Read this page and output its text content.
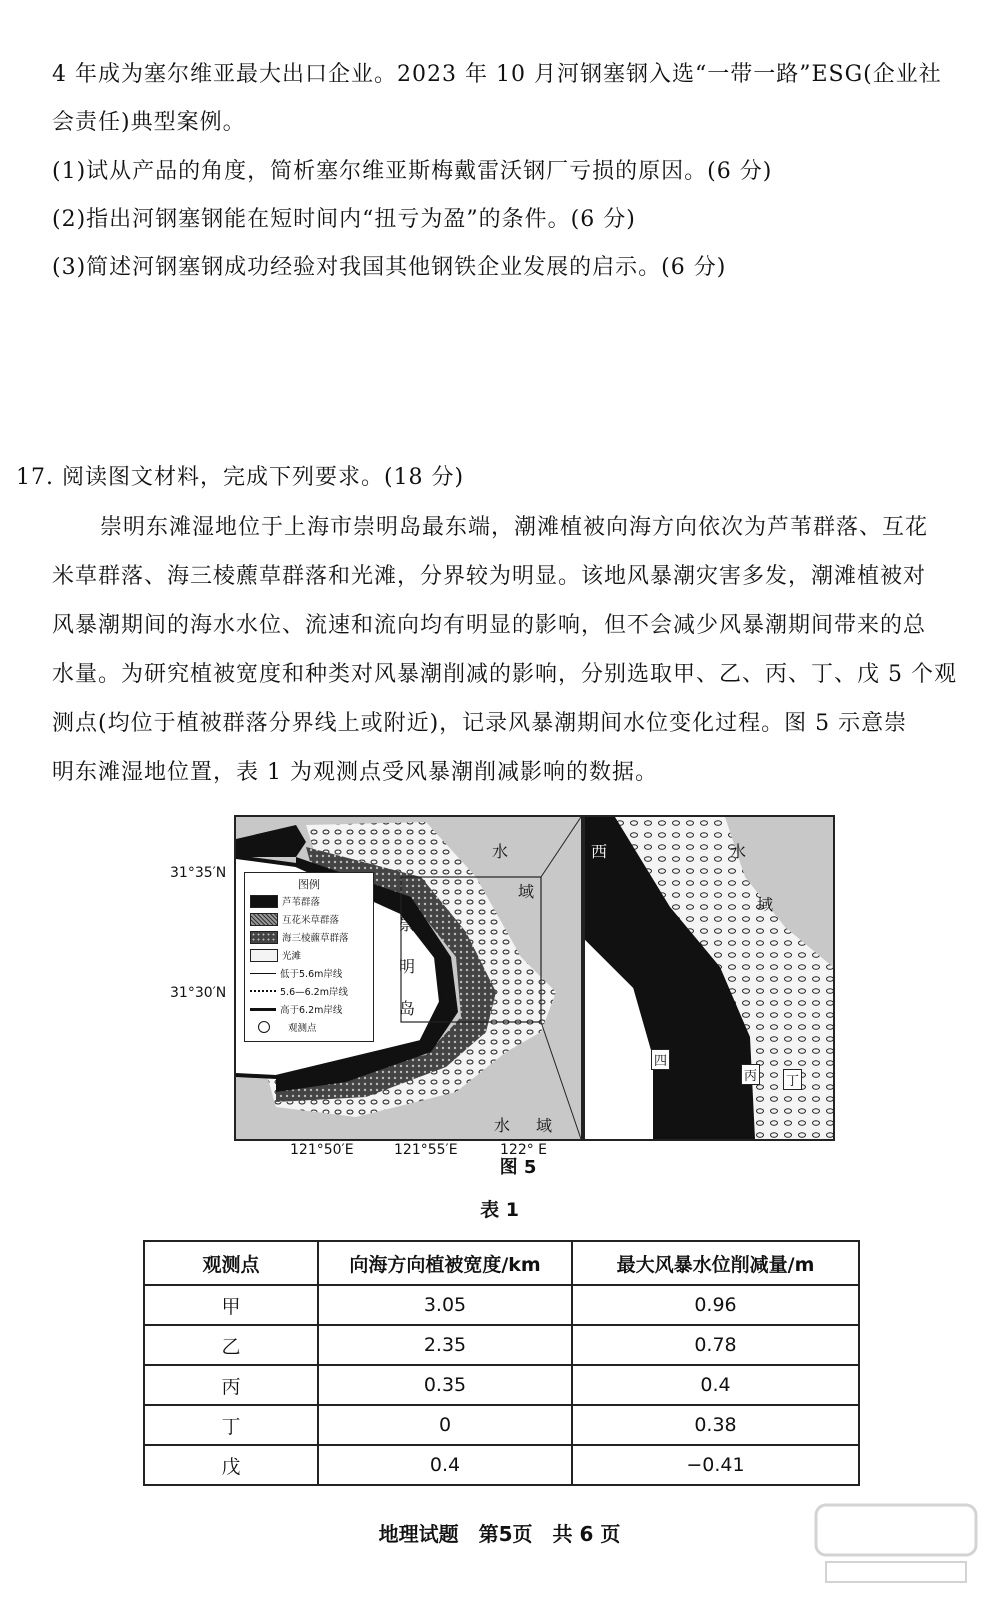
4 年成为塞尔维亚最大出口企业。2023 年 10 月河钢塞钢入选“一带一路”ESG(企业社
会责任)典型案例。
(1)试从产品的角度，简析塞尔维亚斯梅戴雷沃钢厂亏损的原因。(6 分)
(2)指出河钢塞钢能在短时间内“扭亏为盈”的条件。(6 分)
(3)简述河钢塞钢成功经验对我国其他钢铁企业发展的启示。(6 分)
17. 阅读图文材料，完成下列要求。(18 分)
崇明东滩湿地位于上海市崇明岛最东端，潮滩植被向海方向依次为芦苇群落、互花
米草群落、海三棱藨草群落和光滩，分界较为明显。该地风暴潮灾害多发，潮滩植被对
风暴潮期间的海水水位、流速和流向均有明显的影响，但不会减少风暴潮期间带来的总
水量。为研究植被宽度和种类对风暴潮削减的影响，分别选取甲、乙、丙、丁、戊 5 个观
测点(均位于植被群落分界线上或附近)，记录风暴潮期间水位变化过程。图 5 示意崇
明东滩湿地位置，表 1 为观测点受风暴潮削减影响的数据。
31°35′N
31°30′N
121°50′E	121°55′E	122° E
图例
芦苇群落
互花米草群落
海三棱藨草群落
光滩
低于5.6m岸线
5.6—6.2m岸线
高于6.2m岸线
观测点
崇
明
岛
水
域
水 域
西	水
域
四
丙 丁
图 5
表 1
观测点	向海方向植被宽度/km	最大风暴水位削减量/m
甲	3.05	0.96
乙	2.35	0.78
丙	0.35	0.4
丁	0	0.38
戊	0.4	−0.41
地理试题　第5页　共 6 页
